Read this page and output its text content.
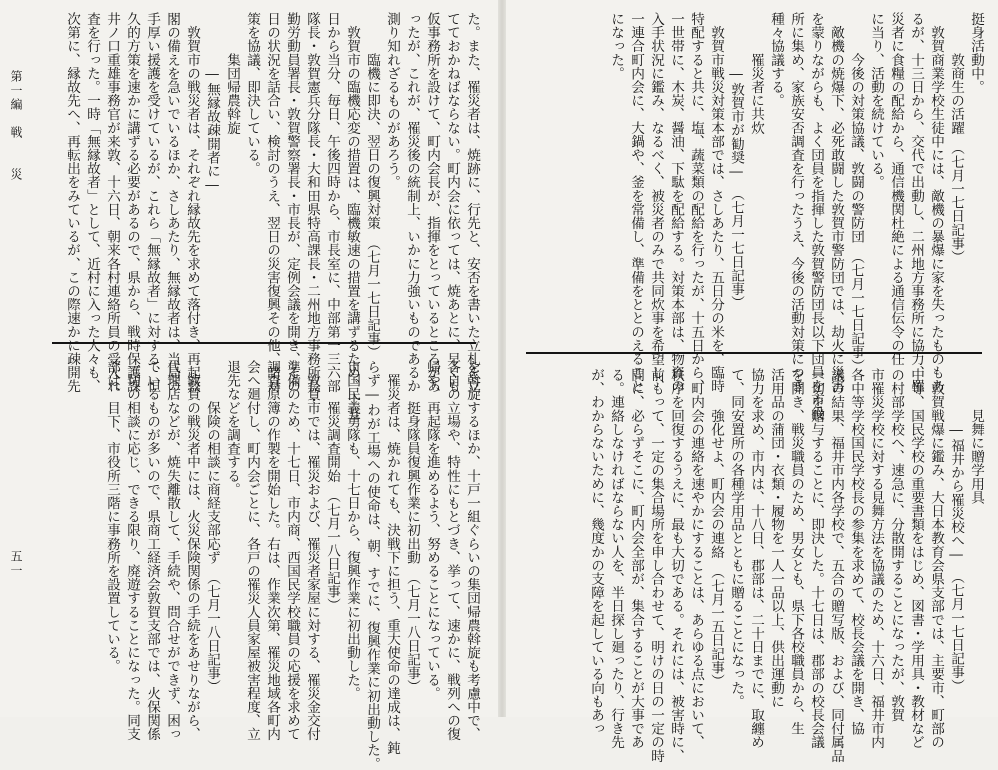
た。また、罹災者は、焼跡に、行先と、安否を書いた立札を立
てておかねばならない。町内会に依っては、焼あとに、早くも
仮事務所を設けて、町内会長が、指揮をとっているところがあ
ったが、これが、罹災後の統制上、いかに力強いものであるか
測り知れざるものがあろう。
　　　臨機に即決、翌日の復興対策　（七月一七日記事）
　敦賀市の臨機応変の措置は、臨機敏速の措置を講ずるため、十五
日から当分、毎日、午後四時から、市長室に、中部第一三六部
隊長・敦賀憲兵分隊長・大和田県特高課長・二州地方事務所長・
勤労動員署長・敦賀警察署長・市長が、定例会議を開き、その
日の状況を話合い、検討のうえ、翌日の災害復興その他、諸対
策を協議、即決している。
　　　集団帰農斡旋
　　　　―無縁故疎開者に―
　敦賀市の戦災者は、それぞれ縁故先を求めて落付き、再起敦
閣の備えを急いでいるほか、さしあたり、無縁故者は、当局の
手厚い援護を受けているが、これら「無縁故者」に対する、恒
久的方策を速かに講ずる必要があるので、県から、戦時保護課
井ノ口重雄事務官が来敦、十六日、朝来各村連絡所員の受入れ
査を行った。一時「無縁故者」として、近村に入った人々も、
次第に、縁故先へ、再転出をみているが、この際速かに疎開先
を斡旋するほか、十戸一組ぐらいの集団帰農斡旋も考慮中で、
各自の立場や、特性にもとづき、挙って、速かに、戦列への復
帰や、再起隊を進めるよう、努めることになっている。
　　　挺身隊員復興作業に初出動　（七月一八日記事）
　罹災者は、焼かれても、決戦下に担う、重大使命の達成は、鈍
らず―わが工場への使命は、朝、すでに、復興作業に初出動した。
市国民義勇隊も、十七日から、復興作業に初出動した。
　　　罹災調査開始　（七月一八日記事）
　敦賀市では、罹災および、罹災者家屋に対する、罹災金交付
準備のため、十七日、市内商、西国民学校職員の応援を求めて
調査原簿の作製を開始した。右は、作業次第、罹災地域各町内
会へ廻付し、町内会ごとに、各戸の罹災人員家屋被害程度、立
退先などを調査する。
　　　保険の相談に商経支部応ず　（七月一八日記事）
　敦賀の戦災者中には、火災保険関係の手続をあせりながら、
代理店などが、焼失離散して、手続や、問合せができず、困っ
ているものが多いので、県商工経済会敦賀支部では、火保関係
一切の相談に応じ、できる限り、廃遊することになった。同支
部は、目下、市役所三階に事務所を設置している。
第一編　戦　　災
五一
挺身活動中。
　　　敦商生の活躍　（七月一七日記事）
　敦賀商業学校生徒中には、敵機の暴爆に家を失ったものもあ
るが、十三日から、交代で出動し、二州地方事務所に協力、罹
災者に食糧の配給から、通信機関杜絶による通信伝令の任
に当り、活動を続けている。
　　　今後の対策協議、敦闘の警防団　（七月一七日記事）
　敵機の焼爆下、必死敢闘した敦賀市警防団では、劫火に災害
を蒙りながらも、よく団員を指揮した敦賀警防団長以下団員を市役
所に集め、家族安否調査を行ったうえ、今後の活動対策につき
種々協議する。
　　　罹災者に共炊
　　　　―敦賀市が勧奨―　（七月一七日記事）
　敦賀市戦災対策本部では、さしあたり、五日分の米を、臨時
特配すると共に、塩、蔬菜類の配給を行ったが、十五日から、
一世帯に、木炭、醤油、下駄を配給する。対策本部は、物資の
入手状況に鑑み、なるべく、被災者のみで共同炊事を希望し、
一連合町内会に、大鍋や、釜を常備し、準備をととのえること
になった。
　　　見舞に贈学用具
　　　　―福井から罹災校へ―　（七月一七日記事）
　敦賀戦爆に鑑み、大日本教育会県支部では、主要市、町部の
中等、国民学校の重要書類をはじめ、図書・学用具・教材など
の村部学校へ、速急に、分散開することになったが、敦賀
市罹災学校に対する見舞方法を協議のため、十六日、福井市内
各中等学校国民学校長の参集を求めて、校長会議を開き、協
議の結果、福井市内各学校で、五合の贈写版、および、同付属品
一切を贈与することに、即決した。十七日は、郡部の校長会議
を開き、戦災職員のため、男女とも、県下各校職員から、生
活用品の蒲団・衣類・履物を一人一品以上、供出運動に
協力を求め、市内は、十八日、郡部は、二十日までに、取纏め
て、同安置所の各種学用品とともに贈ることになった。
　　　強化せよ、町内会の連絡　（七月一五日記事）
　町内会の連絡を速やかにすることは、あらゆる点において、
秩序を回復するうえに、最も大切である。それには、被害時に、
前もって、一定の集合場所を申し合わせて、明けの日の一定の時
間に、必らずそこに、町内会全部が、集合することが大事であ
る。連絡しなければならない人を、半日探し廻ったり、行き先
が、わからないために、幾度かの支障を起している向もあっ
